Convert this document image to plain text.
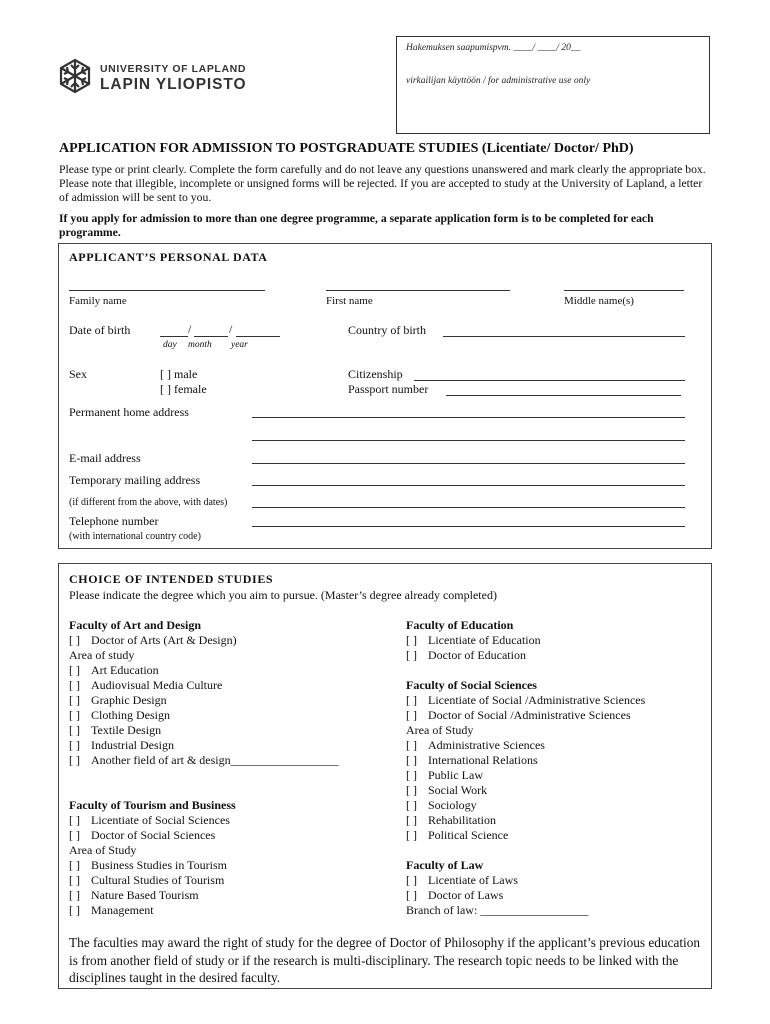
Hakemuksen saapumispvm. ____/ ____/ 20__
virkailijan käyttöön / for administrative use only
UNIVERSITY OF LAPLAND
LAPIN YLIOPISTO
APPLICATION FOR ADMISSION TO POSTGRADUATE STUDIES (Licentiate/ Doctor/ PhD)
Please type or print clearly. Complete the form carefully and do not leave any questions unanswered and mark clearly the appropriate box. Please note that illegible, incomplete or unsigned forms will be rejected. If you are accepted to study at the University of Lapland, a letter of admission will be sent to you.
If you apply for admission to more than one degree programme, a separate application form is to be completed for each programme.
APPLICANT’S PERSONAL DATA
Family name	First name	Middle name(s)
Date of birth	/	/
day month year
Country of birth
Sex	[ ] male
[ ] female
Citizenship
Passport number
Permanent home address
E-mail address
Temporary mailing address
(if different from the above, with dates)
Telephone number
(with international country code)
CHOICE OF INTENDED STUDIES
Please indicate the degree which you aim to pursue. (Master’s degree already completed)
Faculty of Art and Design
[ ] Doctor of Arts (Art & Design)
Area of study
[ ] Art Education
[ ] Audiovisual Media Culture
[ ] Graphic Design
[ ] Clothing Design
[ ] Textile Design
[ ] Industrial Design
[ ] Another field of art & design__________________
Faculty of Tourism and Business
[ ] Licentiate of Social Sciences
[ ] Doctor of Social Sciences
Area of Study
[ ] Business Studies in Tourism
[ ] Cultural Studies of Tourism
[ ] Nature Based Tourism
[ ] Management
Faculty of Education
[ ] Licentiate of Education
[ ] Doctor of Education
Faculty of Social Sciences
[ ] Licentiate of Social /Administrative Sciences
[ ] Doctor of Social /Administrative Sciences
Area of Study
[ ] Administrative Sciences
[ ] International Relations
[ ] Public Law
[ ] Social Work
[ ] Sociology
[ ] Rehabilitation
[ ] Political Science
Faculty of Law
[ ] Licentiate of Laws
[ ] Doctor of Laws
Branch of law: __________________
The faculties may award the right of study for the degree of Doctor of Philosophy if the applicant’s previous education is from another field of study or if the research is multi-disciplinary. The research topic needs to be linked with the disciplines taught in the desired faculty.
